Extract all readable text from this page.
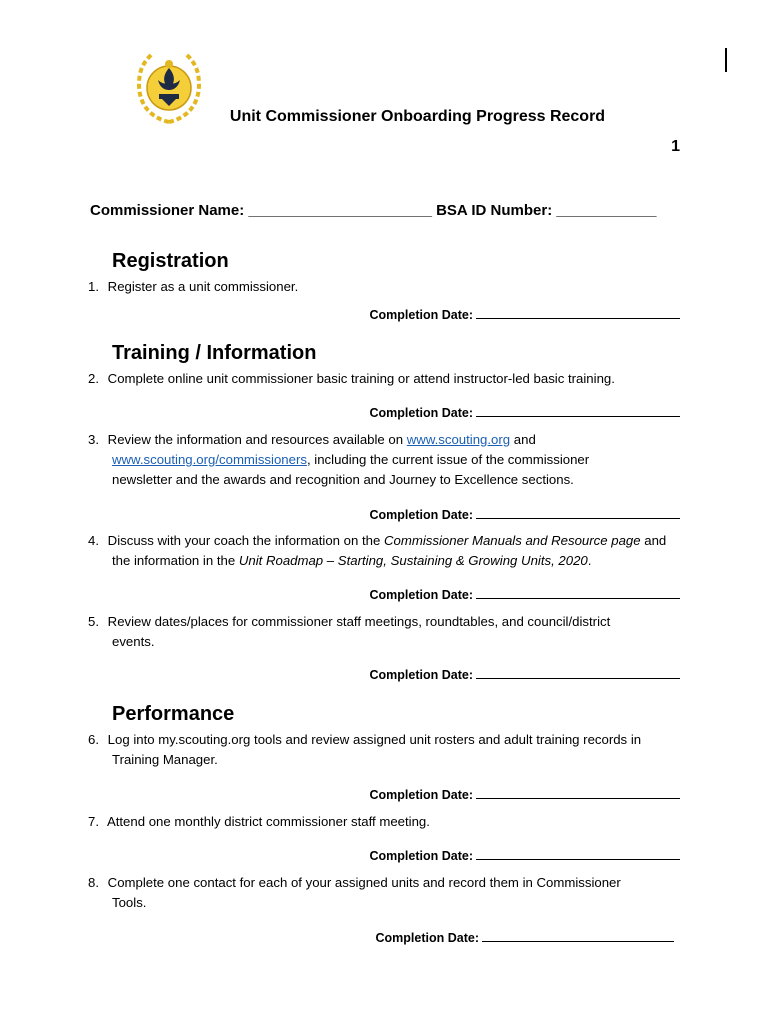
Unit Commissioner Onboarding Progress Record
1
Commissioner Name: ______________________ BSA ID Number: ____________
Registration
1. Register as a unit commissioner.
Completion Date:
Training / Information
2. Complete online unit commissioner basic training or attend instructor-led basic training.
Completion Date:
3. Review the information and resources available on www.scouting.org and
www.scouting.org/commissioners, including the current issue of the commissioner
newsletter and the awards and recognition and Journey to Excellence sections.
Completion Date:
4. Discuss with your coach the information on the Commissioner Manuals and Resource page and
the information in the Unit Roadmap – Starting, Sustaining & Growing Units, 2020.
Completion Date:
5. Review dates/places for commissioner staff meetings, roundtables, and council/district
events.
Completion Date:
Performance
6. Log into my.scouting.org tools and review assigned unit rosters and adult training records in
Training Manager.
Completion Date:
7. Attend one monthly district commissioner staff meeting.
Completion Date:
8. Complete one contact for each of your assigned units and record them in Commissioner
Tools.
Completion Date:
